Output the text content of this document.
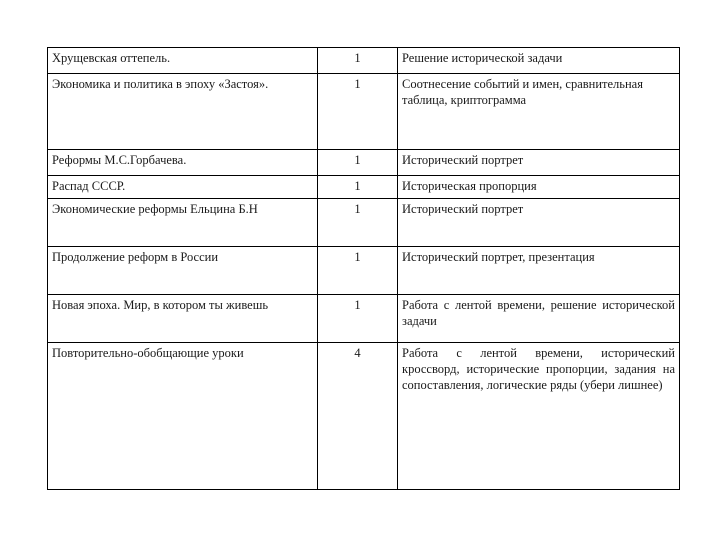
Хрущевская оттепель.	1	Решение исторической задачи
Экономика и политика в эпоху «Застоя».	1	Соотнесение событий и имен, сравнительная таблица, криптограмма
Реформы М.С.Горбачева.	1	Исторический портрет
Распад СССР.	1	Историческая пропорция
Экономические реформы Ельцина Б.Н	1	Исторический портрет
Продолжение реформ в России	1	Исторический портрет, презентация
Новая эпоха. Мир, в котором ты живешь	1	Работа с лентой времени, решение исторической задачи
Повторительно-обобщающие уроки	4	Работа с лентой времени, исторический кроссворд, исторические пропорции, задания на сопоставления, логические ряды (убери лишнее)
